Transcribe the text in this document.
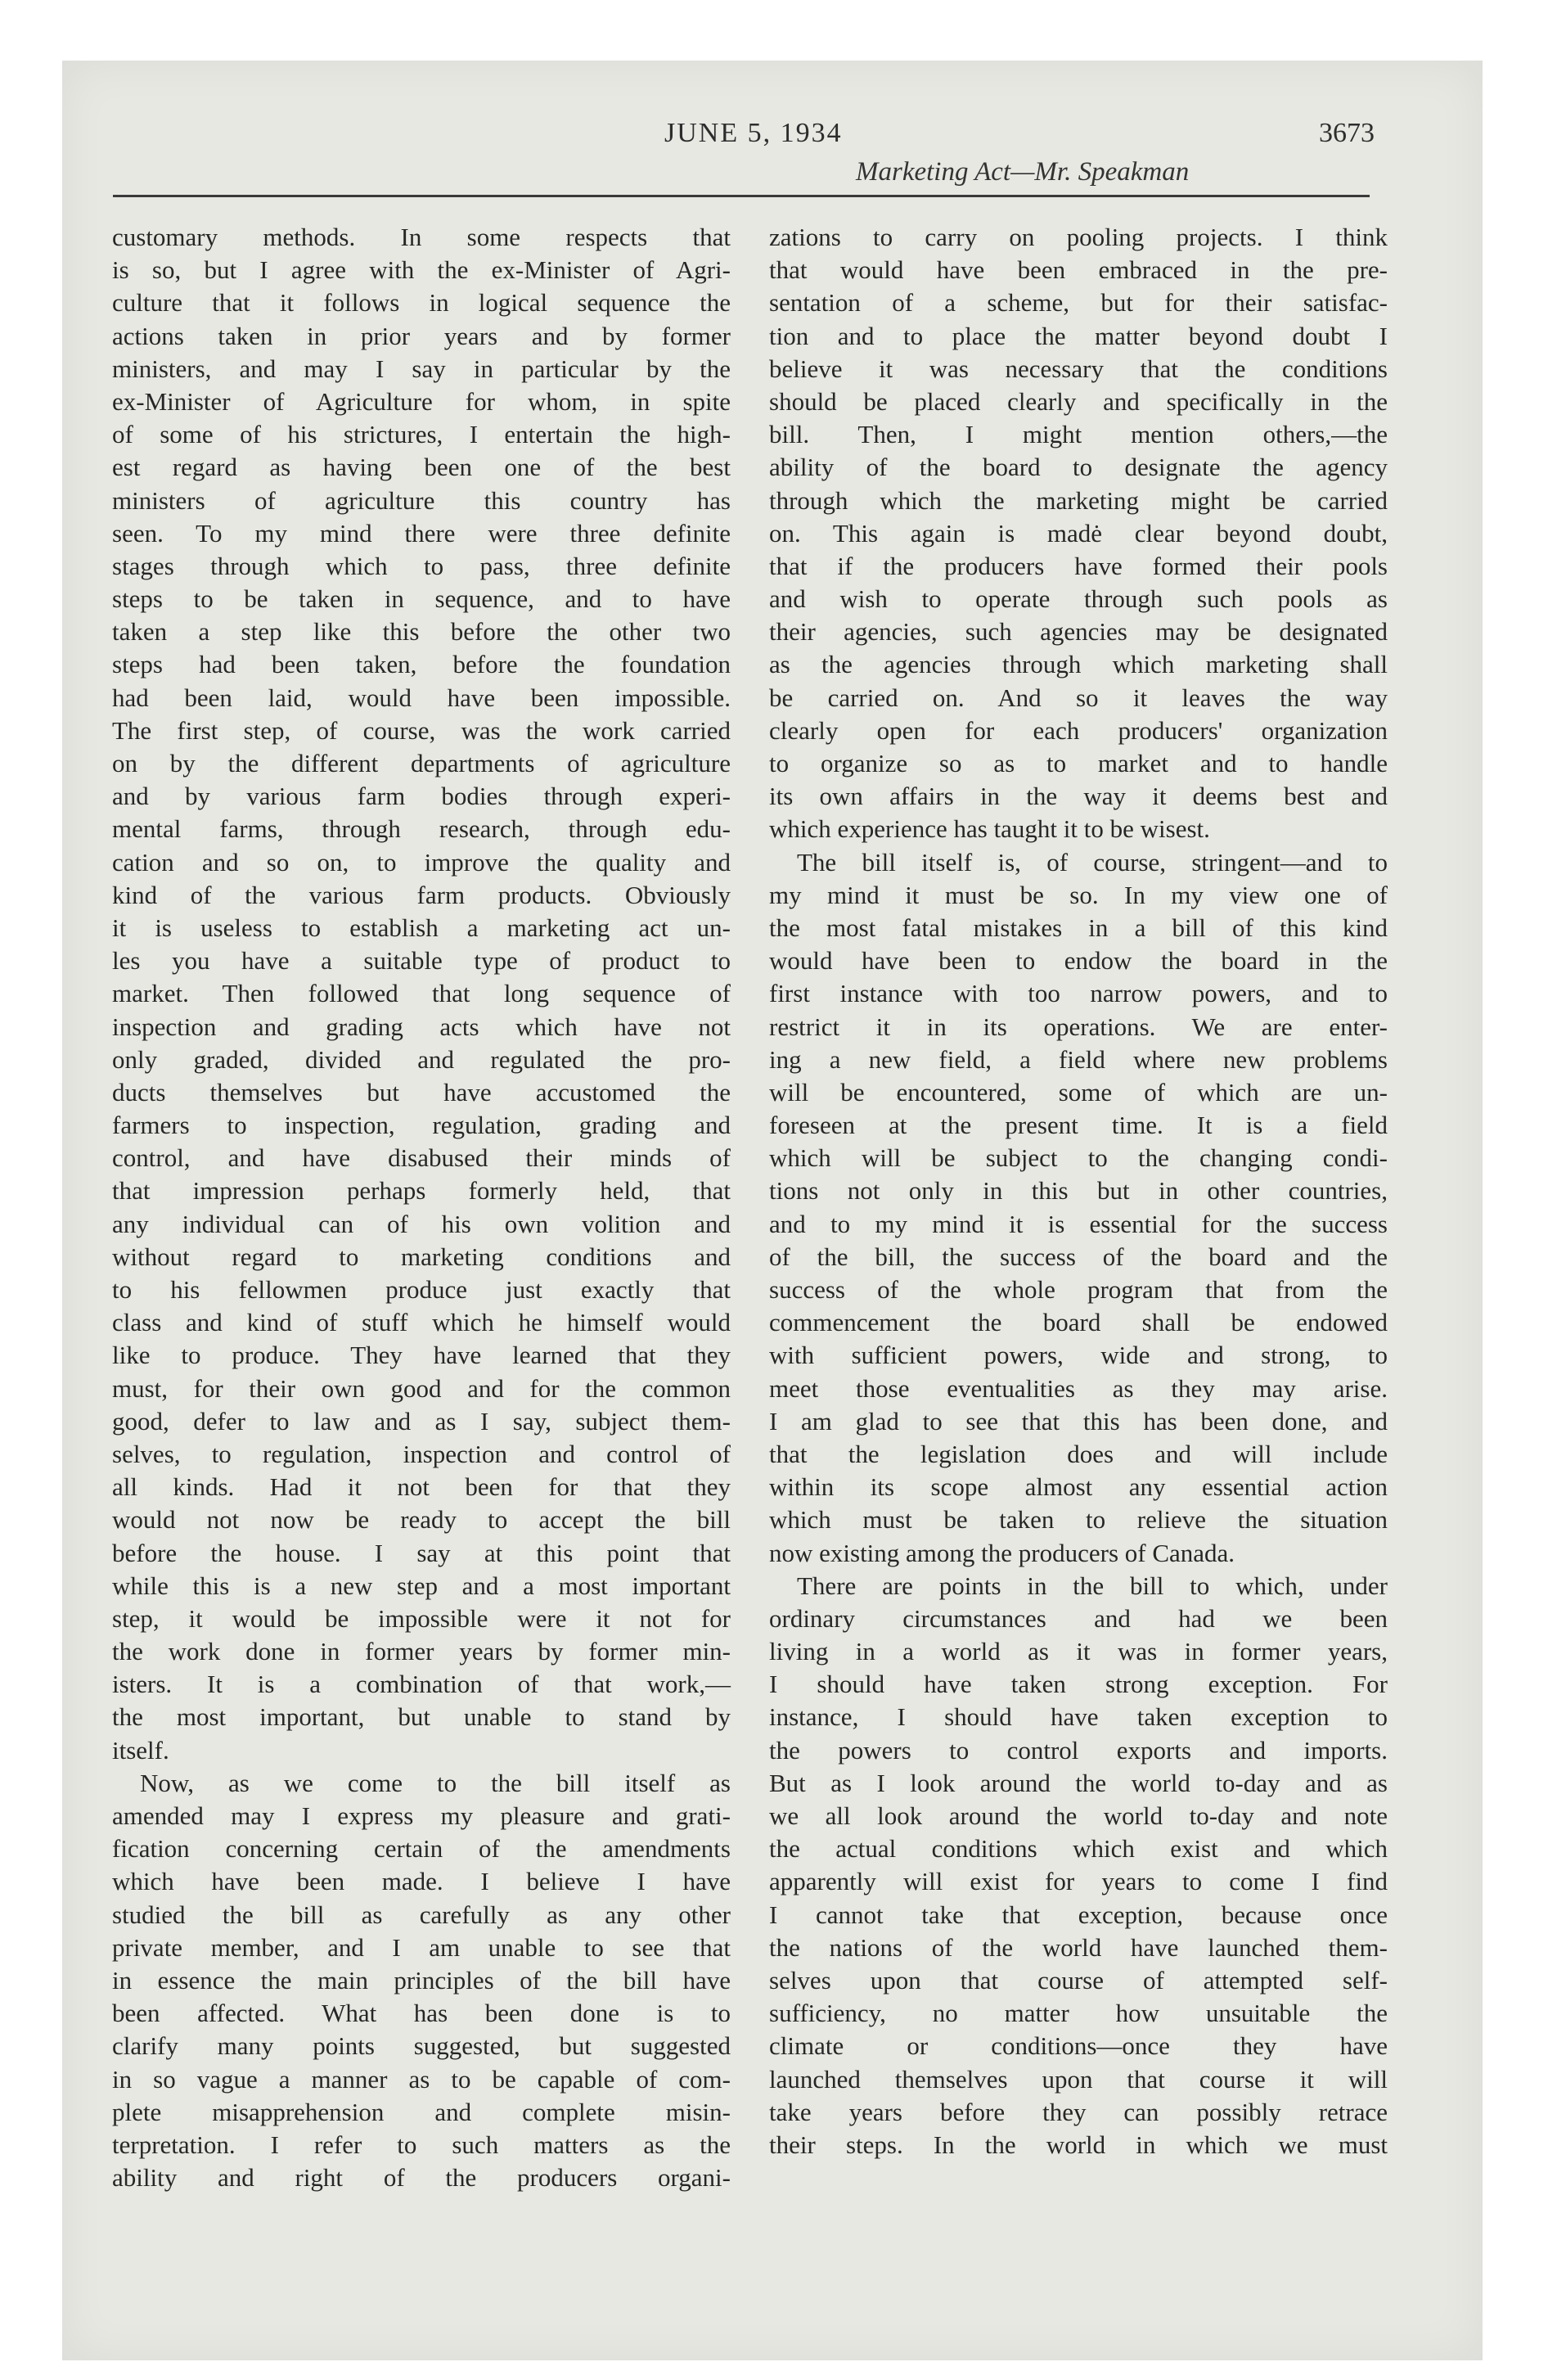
JUNE 5, 1934	3673
Marketing Act—Mr. Speakman
customary methods. In some respects that
is so, but I agree with the ex-Minister of Agri-
culture that it follows in logical sequence the
actions taken in prior years and by former
ministers, and may I say in particular by the
ex-Minister of Agriculture for whom, in spite
of some of his strictures, I entertain the high-
est regard as having been one of the best
ministers of agriculture this country has
seen. To my mind there were three definite
stages through which to pass, three definite
steps to be taken in sequence, and to have
taken a step like this before the other two
steps had been taken, before the foundation
had been laid, would have been impossible.
The first step, of course, was the work carried
on by the different departments of agriculture
and by various farm bodies through experi-
mental farms, through research, through edu-
cation and so on, to improve the quality and
kind of the various farm products. Obviously
it is useless to establish a marketing act un-
les you have a suitable type of product to
market. Then followed that long sequence of
inspection and grading acts which have not
only graded, divided and regulated the pro-
ducts themselves but have accustomed the
farmers to inspection, regulation, grading and
control, and have disabused their minds of
that impression perhaps formerly held, that
any individual can of his own volition and
without regard to marketing conditions and
to his fellowmen produce just exactly that
class and kind of stuff which he himself would
like to produce. They have learned that they
must, for their own good and for the common
good, defer to law and as I say, subject them-
selves, to regulation, inspection and control of
all kinds. Had it not been for that they
would not now be ready to accept the bill
before the house. I say at this point that
while this is a new step and a most important
step, it would be impossible were it not for
the work done in former years by former min-
isters. It is a combination of that work,—
the most important, but unable to stand by
itself.
Now, as we come to the bill itself as
amended may I express my pleasure and grati-
fication concerning certain of the amendments
which have been made. I believe I have
studied the bill as carefully as any other
private member, and I am unable to see that
in essence the main principles of the bill have
been affected. What has been done is to
clarify many points suggested, but suggested
in so vague a manner as to be capable of com-
plete misapprehension and complete misin-
terpretation. I refer to such matters as the
ability and right of the producers organi-
zations to carry on pooling projects. I think
that would have been embraced in the pre-
sentation of a scheme, but for their satisfac-
tion and to place the matter beyond doubt I
believe it was necessary that the conditions
should be placed clearly and specifically in the
bill. Then, I might mention others,—the
ability of the board to designate the agency
through which the marketing might be carried
on. This again is madė clear beyond doubt,
that if the producers have formed their pools
and wish to operate through such pools as
their agencies, such agencies may be designated
as the agencies through which marketing shall
be carried on. And so it leaves the way
clearly open for each producers' organization
to organize so as to market and to handle
its own affairs in the way it deems best and
which experience has taught it to be wisest.
The bill itself is, of course, stringent—and to
my mind it must be so. In my view one of
the most fatal mistakes in a bill of this kind
would have been to endow the board in the
first instance with too narrow powers, and to
restrict it in its operations. We are enter-
ing a new field, a field where new problems
will be encountered, some of which are un-
foreseen at the present time. It is a field
which will be subject to the changing condi-
tions not only in this but in other countries,
and to my mind it is essential for the success
of the bill, the success of the board and the
success of the whole program that from the
commencement the board shall be endowed
with sufficient powers, wide and strong, to
meet those eventualities as they may arise.
I am glad to see that this has been done, and
that the legislation does and will include
within its scope almost any essential action
which must be taken to relieve the situation
now existing among the producers of Canada.
There are points in the bill to which, under
ordinary circumstances and had we been
living in a world as it was in former years,
I should have taken strong exception. For
instance, I should have taken exception to
the powers to control exports and imports.
But as I look around the world to-day and as
we all look around the world to-day and note
the actual conditions which exist and which
apparently will exist for years to come I find
I cannot take that exception, because once
the nations of the world have launched them-
selves upon that course of attempted self-
sufficiency, no matter how unsuitable the
climate or conditions—once they have
launched themselves upon that course it will
take years before they can possibly retrace
their steps. In the world in which we must
